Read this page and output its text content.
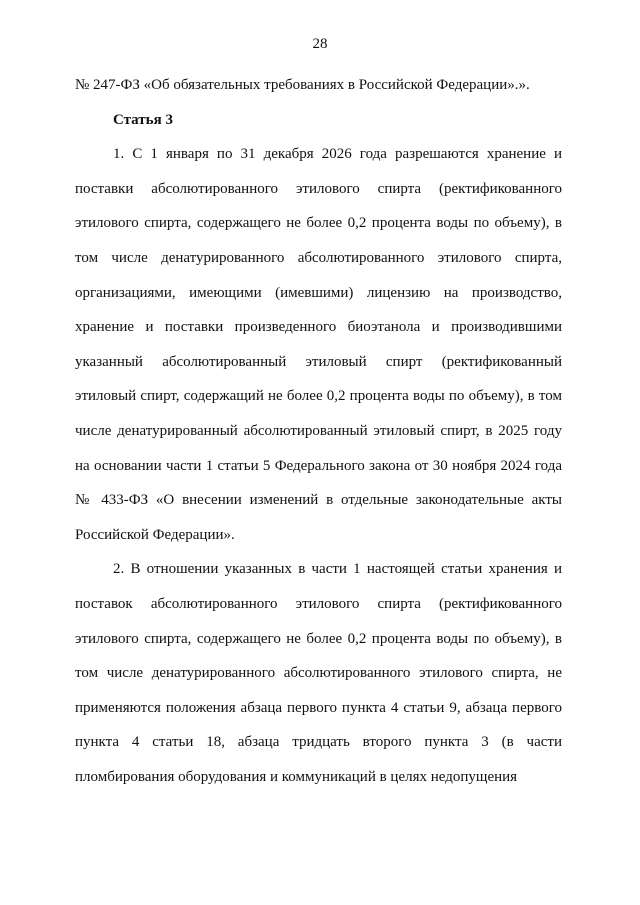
28

№ 247-ФЗ «Об обязательных требованиях в Российской Федерации».».

Статья 3

1. С 1 января по 31 декабря 2026 года разрешаются хранение и поставки абсолютированного этилового спирта (ректификованного этилового спирта, содержащего не более 0,2 процента воды по объему), в том числе денатурированного абсолютированного этилового спирта, организациями, имеющими (имевшими) лицензию на производство, хранение и поставки произведенного биоэтанола и производившими указанный абсолютированный этиловый спирт (ректификованный этиловый спирт, содержащий не более 0,2 процента воды по объему), в том числе денатурированный абсолютированный этиловый спирт, в 2025 году на основании части 1 статьи 5 Федерального закона от 30 ноября 2024 года № 433-ФЗ «О внесении изменений в отдельные законодательные акты Российской Федерации».

2. В отношении указанных в части 1 настоящей статьи хранения и поставок абсолютированного этилового спирта (ректификованного этилового спирта, содержащего не более 0,2 процента воды по объему), в том числе денатурированного абсолютированного этилового спирта, не применяются положения абзаца первого пункта 4 статьи 9, абзаца первого пункта 4 статьи 18, абзаца тридцать второго пункта 3 (в части пломбирования оборудования и коммуникаций в целях недопущения
